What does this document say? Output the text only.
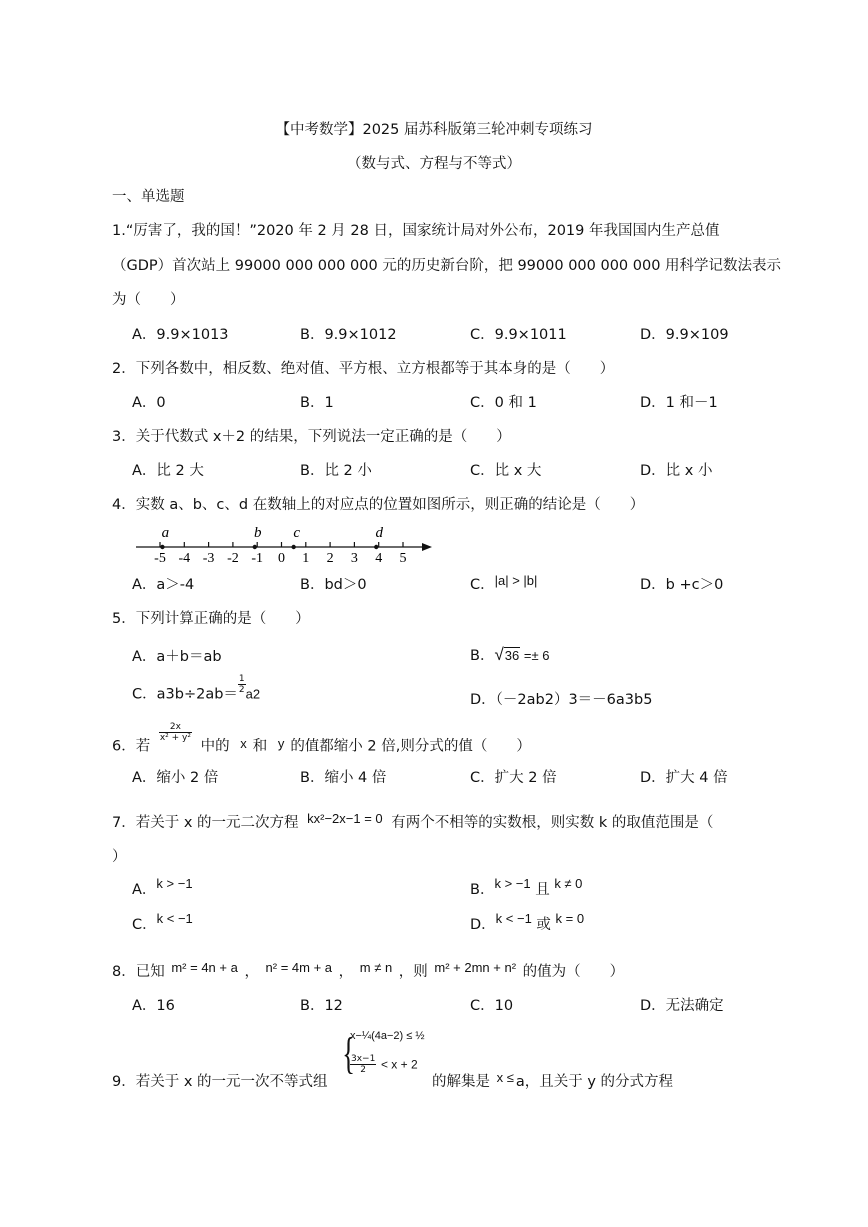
【中考数学】2025 届苏科版第三轮冲刺专项练习
（数与式、方程与不等式）
一、单选题
1.“厉害了，我的国！”2020 年 2 月 28 日，国家统计局对外公布，2019 年我国国内生产总值
（GDP）首次站上 99000 000 000 000 元的历史新台阶，把 99000 000 000 000 用科学记数法表示
为（　　）
A．9.9×1013	B．9.9×1012	C．9.9×1011	D．9.9×109
2．下列各数中，相反数、绝对值、平方根、立方根都等于其本身的是（　　）
A．0	B．1	C．0 和 1	D．1 和－1
3．关于代数式 x＋2 的结果，下列说法一定正确的是（　　）
A．比 2 大	B．比 2 小	C．比 x 大	D．比 x 小
4．实数 a、b、c、d 在数轴上的对应点的位置如图所示，则正确的结论是（　　）
-5 -4 -3 -2 -1 0 1 2 3 4 5
a	b c	d
A．a＞-4	B．bd＞0	C．|a| > |b|	D．b +c＞0
5．下列计算正确的是（　　）
A．a＋b＝ab	B．√36 =± 6
C．$a3b\div 2ab= \frac{1}{2} a2$	D．（－2ab2）3＝－6a3b5
6．若
$\frac{2x}{\text{x² + y²}}$
中的 x 和 y 的值都缩小 2 倍,则分式的值（　　）
A．缩小 2 倍	B．缩小 4 倍	C．扩大 2 倍	D．扩大 4 倍
7．若关于 x 的一元二次方程 kx²−2x−1 = 0 有两个不相等的实数根，则实数 k 的取值范围是（
）
A．k > −1	B．k > −1 且 k ≠ 0
C．k < −1	D．k < −1 或 k = 0
8．已知 m² = 4n + a ， n² = 4m + a ， m ≠ n ，则 m² + 2mn + n² 的值为（　　）
A．16	B．12	C．10	D．无法确定
9．若关于 x 的一元一次不等式组
{
x−¼(4a−2) ≤ ½
$\frac{3x-1}{2} < x + 2$
的解集是 x ≤ a，且关于 y 的分式方程
